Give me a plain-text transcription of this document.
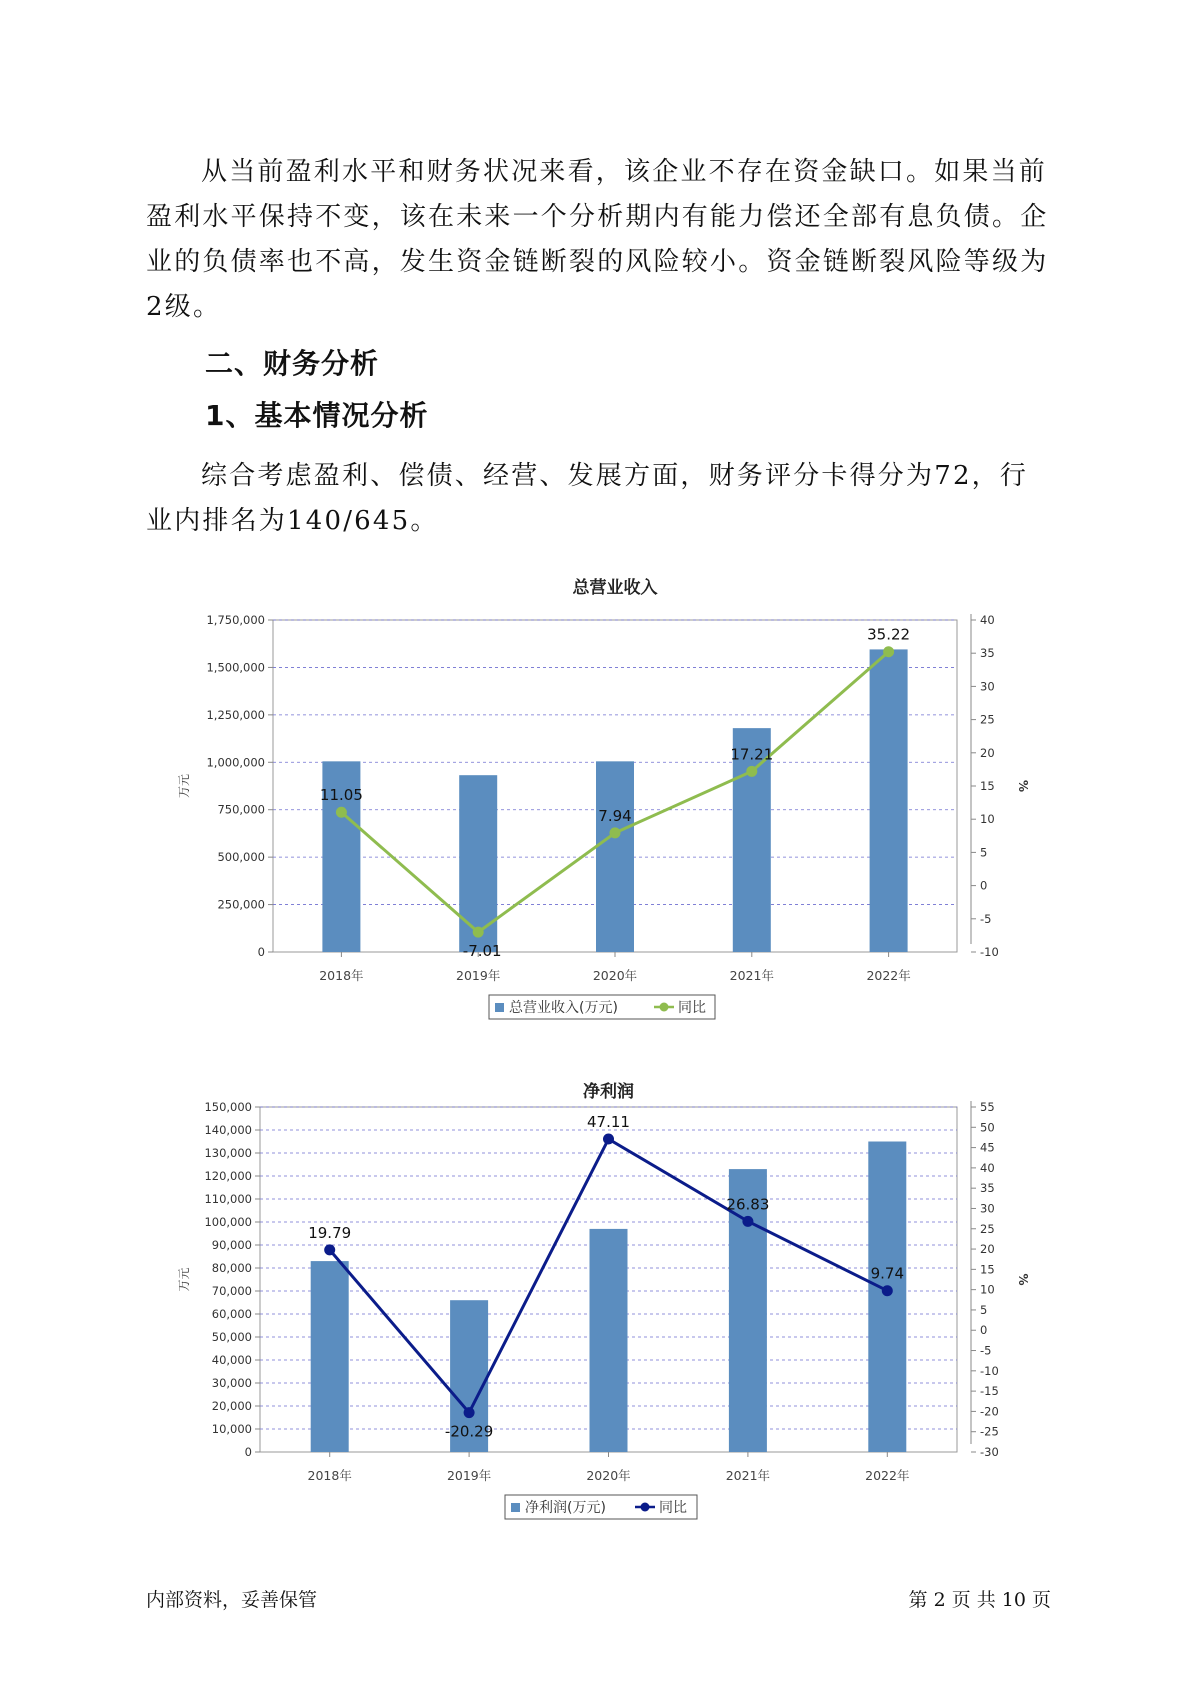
从当前盈利水平和财务状况来看，该企业不存在资金缺口。如果当前盈利水平保持不变，该在未来一个分析期内有能力偿还全部有息负债。企业的负债率也不高，发生资金链断裂的风险较小。资金链断裂风险等级为2级。

二、财务分析
1、基本情况分析

综合考虑盈利、偿债、经营、发展方面，财务评分卡得分为72，行业内排名为140/645。

总营业收入
0
250,000
500,000
750,000
1,000,000
1,250,000
1,500,000
1,750,000
-10
-5
0
5
10
15
20
25
30
35
40
万元	%
2018年	2019年	2020年	2021年	2022年
11.05
-7.01
7.94
17.21
35.22
总营业收入(万元)	同比
净利润
0
10,000
20,000
30,000
40,000
50,000
60,000
70,000
80,000
90,000
100,000
110,000
120,000
130,000
140,000
150,000
-30
-25
-20
-15
-10
-5
0
5
10
15
20
25
30
35
40
45
50
55
万元	%
2018年	2019年	2020年	2021年	2022年
19.79
-20.29
47.11
26.83
9.74
净利润(万元)	同比
内部资料，妥善保管	第 2 页 共 10 页
